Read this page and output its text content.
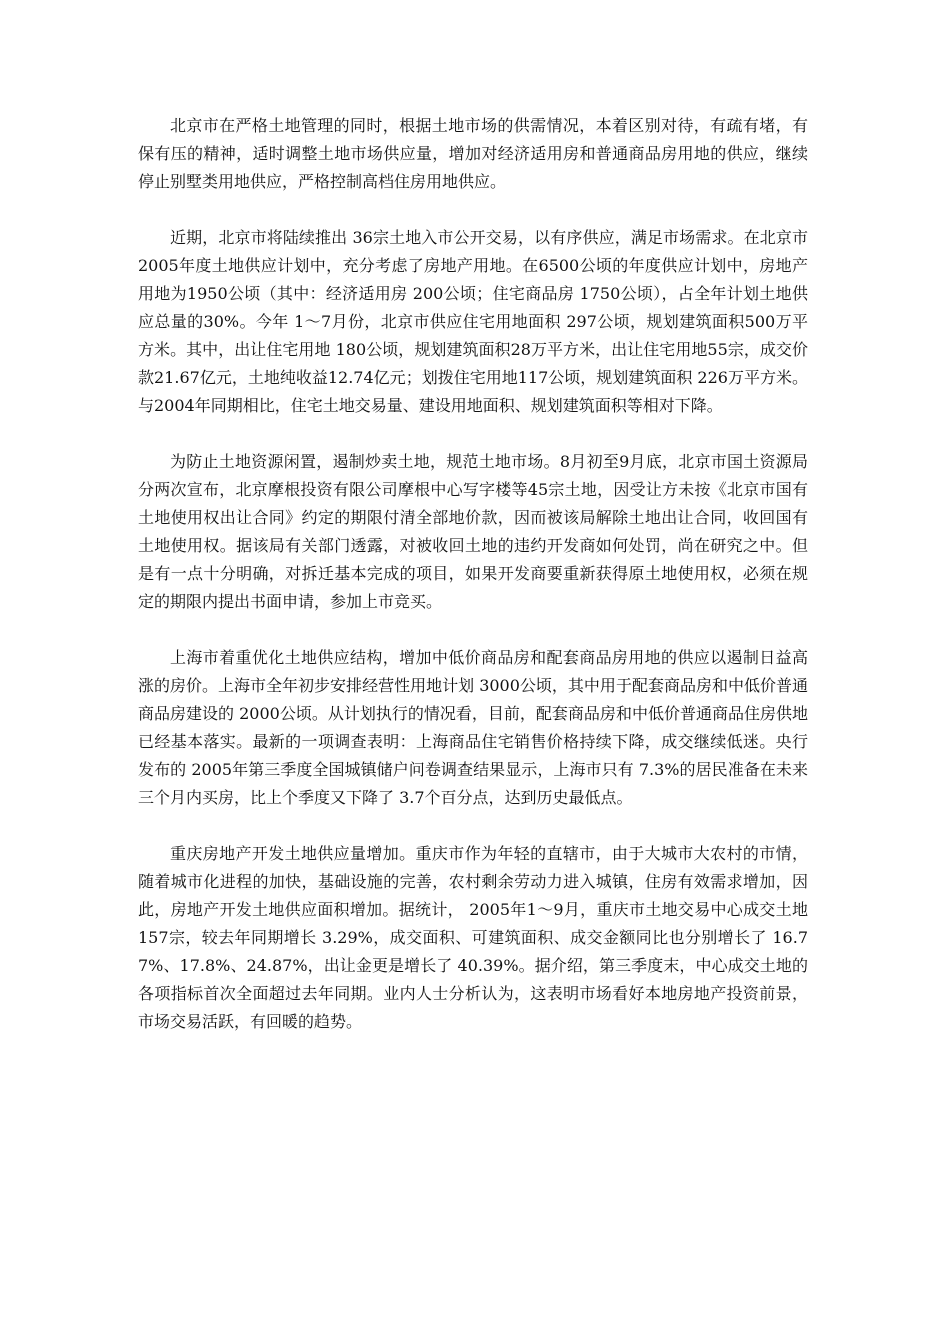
北京市在严格土地管理的同时，根据土地市场的供需情况，本着区别对待，有疏有堵，有保有压的精神，适时调整土地市场供应量，增加对经济适用房和普通商品房用地的供应，继续停止别墅类用地供应，严格控制高档住房用地供应。

近期，北京市将陆续推出 36宗土地入市公开交易，以有序供应，满足市场需求。在北京市 2005年度土地供应计划中，充分考虑了房地产用地。在6500公顷的年度供应计划中，房地产用地为1950公顷（其中：经济适用房 200公顷；住宅商品房 1750公顷），占全年计划土地供应总量的30%。今年 1～7月份，北京市供应住宅用地面积 297公顷，规划建筑面积500万平方米。其中，出让住宅用地 180公顷，规划建筑面积28万平方米，出让住宅用地55宗，成交价款21.67亿元，土地纯收益12.74亿元；划拨住宅用地117公顷，规划建筑面积 226万平方米。与2004年同期相比，住宅土地交易量、建设用地面积、规划建筑面积等相对下降。

为防止土地资源闲置，遏制炒卖土地，规范土地市场。8月初至9月底，北京市国土资源局分两次宣布，北京摩根投资有限公司摩根中心写字楼等45宗土地，因受让方未按《北京市国有土地使用权出让合同》约定的期限付清全部地价款，因而被该局解除土地出让合同，收回国有土地使用权。据该局有关部门透露，对被收回土地的违约开发商如何处罚，尚在研究之中。但是有一点十分明确，对拆迁基本完成的项目，如果开发商要重新获得原土地使用权，必须在规定的期限内提出书面申请，参加上市竞买。

上海市着重优化土地供应结构，增加中低价商品房和配套商品房用地的供应以遏制日益高涨的房价。上海市全年初步安排经营性用地计划 3000公顷，其中用于配套商品房和中低价普通商品房建设的 2000公顷。从计划执行的情况看，目前，配套商品房和中低价普通商品住房供地已经基本落实。最新的一项调查表明：上海商品住宅销售价格持续下降，成交继续低迷。央行发布的 2005年第三季度全国城镇储户问卷调查结果显示，上海市只有 7.3%的居民准备在未来三个月内买房，比上个季度又下降了 3.7个百分点，达到历史最低点。

重庆房地产开发土地供应量增加。重庆市作为年轻的直辖市，由于大城市大农村的市情，随着城市化进程的加快，基础设施的完善，农村剩余劳动力进入城镇，住房有效需求增加，因此，房地产开发土地供应面积增加。据统计， 2005年1～9月，重庆市土地交易中心成交土地 157宗，较去年同期增长 3.29%，成交面积、可建筑面积、成交金额同比也分别增长了 16.77%、17.8%、24.87%，出让金更是增长了 40.39%。据介绍，第三季度末，中心成交土地的各项指标首次全面超过去年同期。业内人士分析认为，这表明市场看好本地房地产投资前景，市场交易活跃，有回暖的趋势。
